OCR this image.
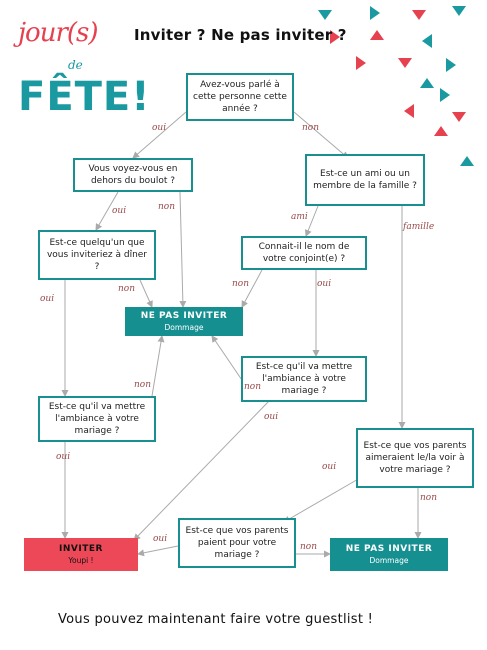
jour(s)
de
FÊTE!
Inviter ? Ne pas inviter ?
Avez-vous parlé à cette personne cette année ?
Vous voyez-vous en dehors du boulot ?
Est-ce un ami ou un membre de la famille ?
Est-ce quelqu'un que vous inviteriez à dîner ?
Connait-il le nom de votre conjoint(e) ?
NE PAS INVITER
Dommage
Est-ce qu'il va mettre l'ambiance à votre mariage ?
Est-ce qu'il va mettre l'ambiance à votre mariage ?
Est-ce que vos parents aimeraient le/la voir à votre mariage ?
Est-ce que vos parents paient pour votre mariage ?
INVITER
Youpi !
NE PAS INVITER
Dommage
oui	non
oui	non
ami
famille
non
oui
non	oui
non	non
oui
oui
oui
non
oui
non
Vous pouvez maintenant faire votre guestlist !
